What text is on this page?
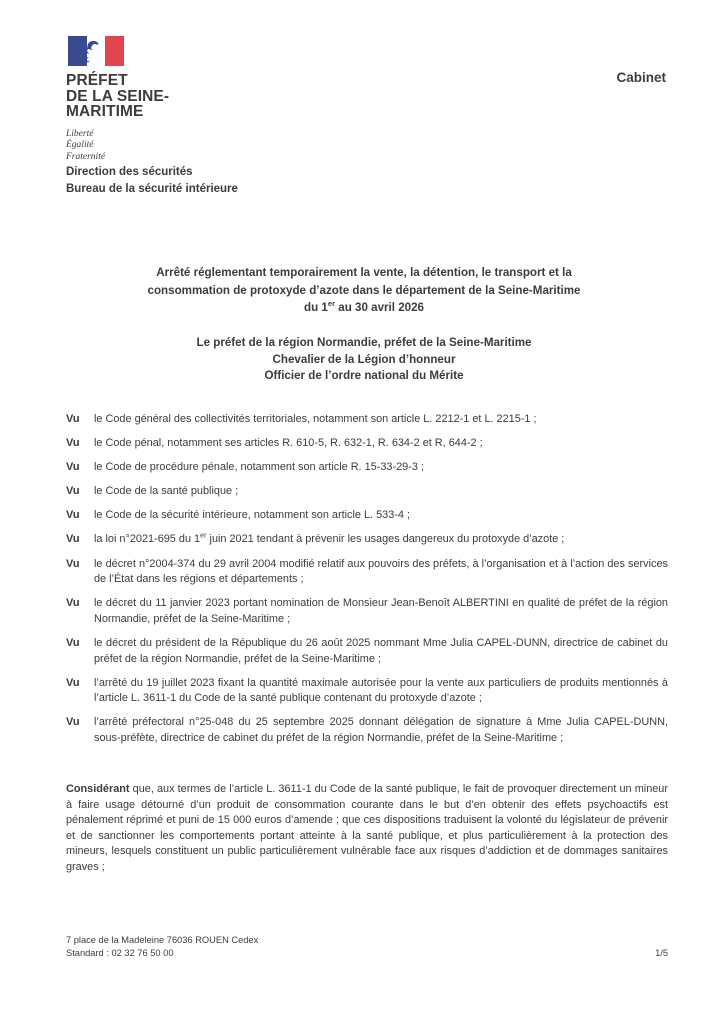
PRÉFET
DE LA SEINE-
MARITIME
Liberté
Égalité
Fraternité
Cabinet
Direction des sécurités
Bureau de la sécurité intérieure
Arrêté réglementant temporairement la vente, la détention, le transport et la
consommation de protoxyde d’azote dans le département de la Seine-Maritime
du 1er au 30 avril 2026
Le préfet de la région Normandie, préfet de la Seine-Maritime
Chevalier de la Légion d’honneur
Officier de l’ordre national du Mérite
Vu le Code général des collectivités territoriales, notamment son article L. 2212-1 et L. 2215-1 ;
Vu le Code pénal, notamment ses articles R. 610-5, R. 632-1, R. 634-2 et R, 644-2 ;
Vu le Code de procédure pénale, notamment son article R. 15-33-29-3 ;
Vu le Code de la santé publique ;
Vu le Code de la sécurité intérieure, notamment son article L. 533-4 ;
Vu la loi n°2021-695 du 1er juin 2021 tendant à prévenir les usages dangereux du protoxyde d’azote ;
Vu le décret n°2004-374 du 29 avril 2004 modifié relatif aux pouvoirs des préfets, à l’organisation et à l’action des services de l’État dans les régions et départements ;
Vu le décret du 11 janvier 2023 portant nomination de Monsieur Jean-Benoît ALBERTINI en qualité de préfet de la région Normandie, préfet de la Seine-Maritime ;
Vu le décret du président de la République du 26 août 2025 nommant Mme Julia CAPEL-DUNN, directrice de cabinet du préfet de la région Normandie, préfet de la Seine-Maritime ;
Vu l’arrêté du 19 juillet 2023 fixant la quantité maximale autorisée pour la vente aux particuliers de produits mentionnés à l’article L. 3611-1 du Code de la santé publique contenant du protoxyde d’azote ;
Vu l’arrêté préfectoral n°25-048 du 25 septembre 2025 donnant délégation de signature à Mme Julia CAPEL-DUNN, sous-préfète, directrice de cabinet du préfet de la région Normandie, préfet de la Seine-Maritime ;
Considérant que, aux termes de l’article L. 3611-1 du Code de la santé publique, le fait de provoquer directement un mineur à faire usage détourné d’un produit de consommation courante dans le but d’en obtenir des effets psychoactifs est pénalement réprimé et puni de 15 000 euros d’amende ; que ces dispositions traduisent la volonté du législateur de prévenir et de sanctionner les comportements portant atteinte à la santé publique, et plus particulièrement à la protection des mineurs, lesquels constituent un public particulièrement vulnérable face aux risques d’addiction et de dommages sanitaires graves ;
7 place de la Madeleine 76036 ROUEN Cedex
Standard : 02 32 76 50 00	1/5
